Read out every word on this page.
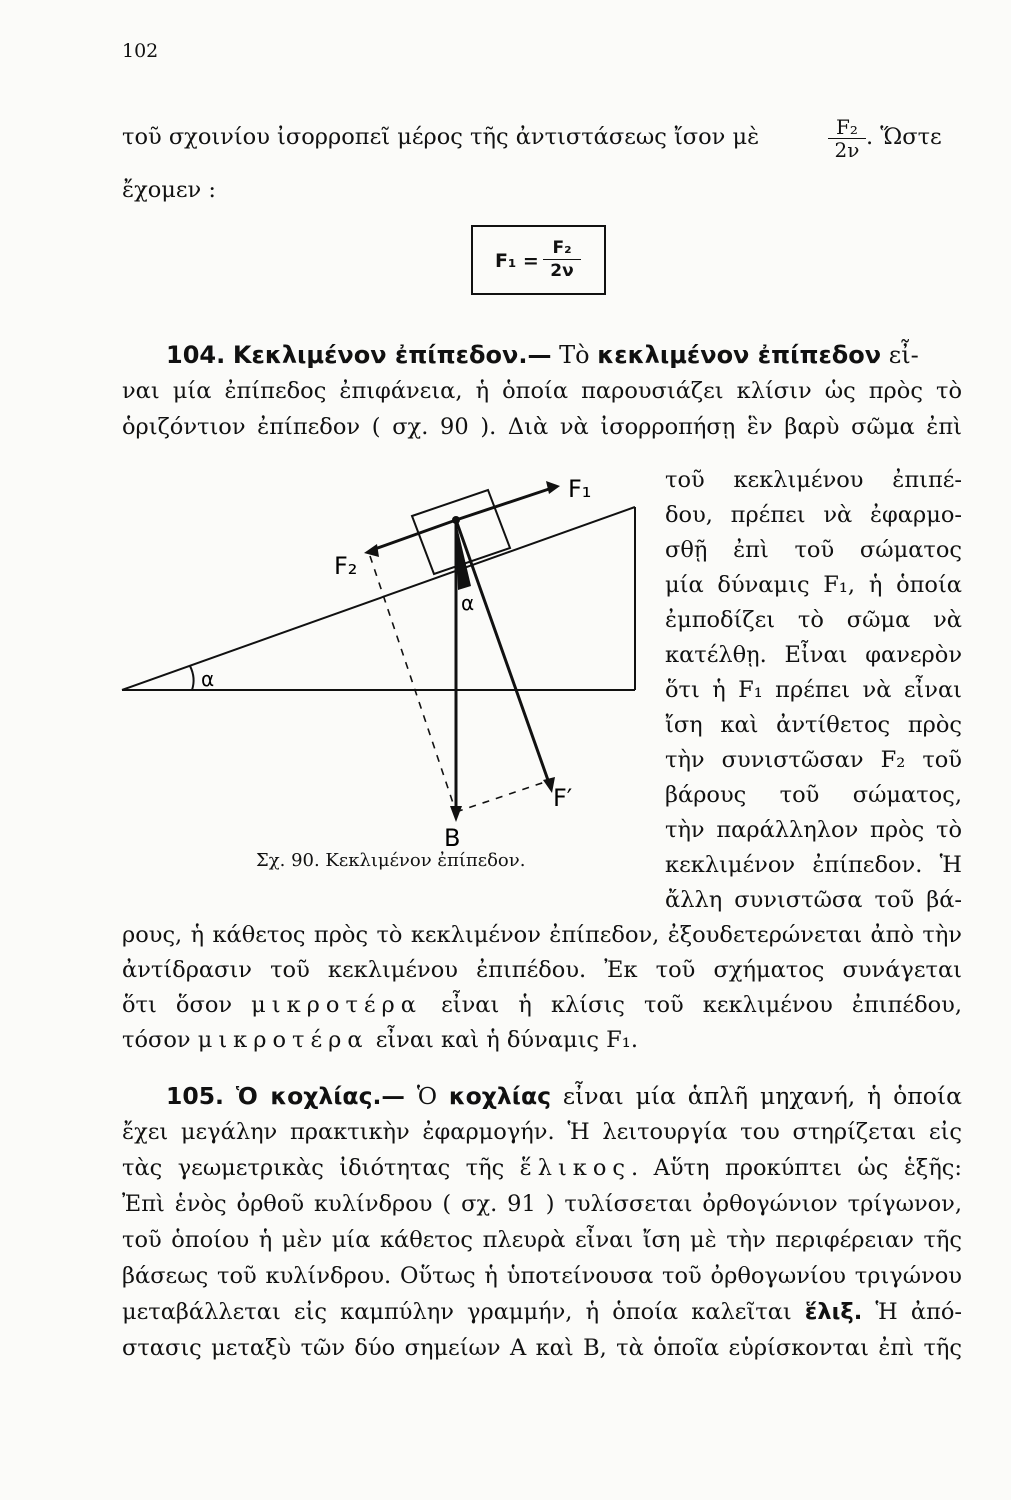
102
τοῦ σχοινίου ἰσορροπεῖ μέρος τῆς ἀντιστάσεως ἴσον μὲ	$\frac{\text{F₂}}{2\nu}$ . Ὥστε
ἔχομεν :
$F_1 = \frac{\text{F₂}}{2\nu}$
104. Κεκλιμένον ἐπίπεδον.— Τὸ κεκλιμένον ἐπίπεδον εἶ-
ναι μία ἐπίπεδος ἐπιφάνεια, ἡ ὁποία παρουσιάζει κλίσιν ὡς πρὸς τὸ
ὁριζόντιον ἐπίπεδον ( σχ. 90 ). Διὰ νὰ ἰσορροπήσῃ ἓν βαρὺ σῶμα ἐπὶ
τοῦ κεκλιμένου ἐπιπέ-
δου, πρέπει νὰ ἐφαρμο-
σθῇ ἐπὶ τοῦ σώματος
μία δύναμις F₁, ἡ ὁποία
ἐμποδίζει τὸ σῶμα νὰ
κατέλθῃ. Εἶναι φανερὸν
ὅτι ἡ F₁ πρέπει νὰ εἶναι
ἴση καὶ ἀντίθετος πρὸς
τὴν συνιστῶσαν F₂ τοῦ
βάρους τοῦ σώματος,
τὴν παράλληλον πρὸς τὸ
κεκλιμένον ἐπίπεδον. Ἡ
ἄλλη συνιστῶσα τοῦ βά-
F₁
F₂
F′
B
α
α
Σχ. 90. Κεκλιμένον ἐπίπεδον.
ρους, ἡ κάθετος πρὸς τὸ κεκλιμένον ἐπίπεδον, ἐξουδετερώνεται ἀπὸ τὴν
ἀντίδρασιν τοῦ κεκλιμένου ἐπιπέδου. Ἐκ τοῦ σχήματος συνάγεται
ὅτι ὅσον μικροτέρα εἶναι ἡ κλίσις τοῦ κεκλιμένου ἐπιπέδου,
τόσον μικροτέρα εἶναι καὶ ἡ δύναμις F₁.
105. Ὁ κοχλίας.— Ὁ κοχλίας εἶναι μία ἁπλῆ μηχανή, ἡ ὁποία
ἔχει μεγάλην πρακτικὴν ἐφαρμογήν. Ἡ λειτουργία του στηρίζεται εἰς
τὰς γεωμετρικὰς ἰδιότητας τῆς ἕλικος. Αὕτη προκύπτει ὡς ἑξῆς:
Ἐπὶ ἑνὸς ὀρθοῦ κυλίνδρου ( σχ. 91 ) τυλίσσεται ὀρθογώνιον τρίγωνον,
τοῦ ὁποίου ἡ μὲν μία κάθετος πλευρὰ εἶναι ἴση μὲ τὴν περιφέρειαν τῆς
βάσεως τοῦ κυλίνδρου. Οὕτως ἡ ὑποτείνουσα τοῦ ὀρθογωνίου τριγώνου
μεταβάλλεται εἰς καμπύλην γραμμήν, ἡ ὁποία καλεῖται ἕλιξ. Ἡ ἀπό-
στασις μεταξὺ τῶν δύο σημείων Α καὶ Β, τὰ ὁποῖα εὑρίσκονται ἐπὶ τῆς
